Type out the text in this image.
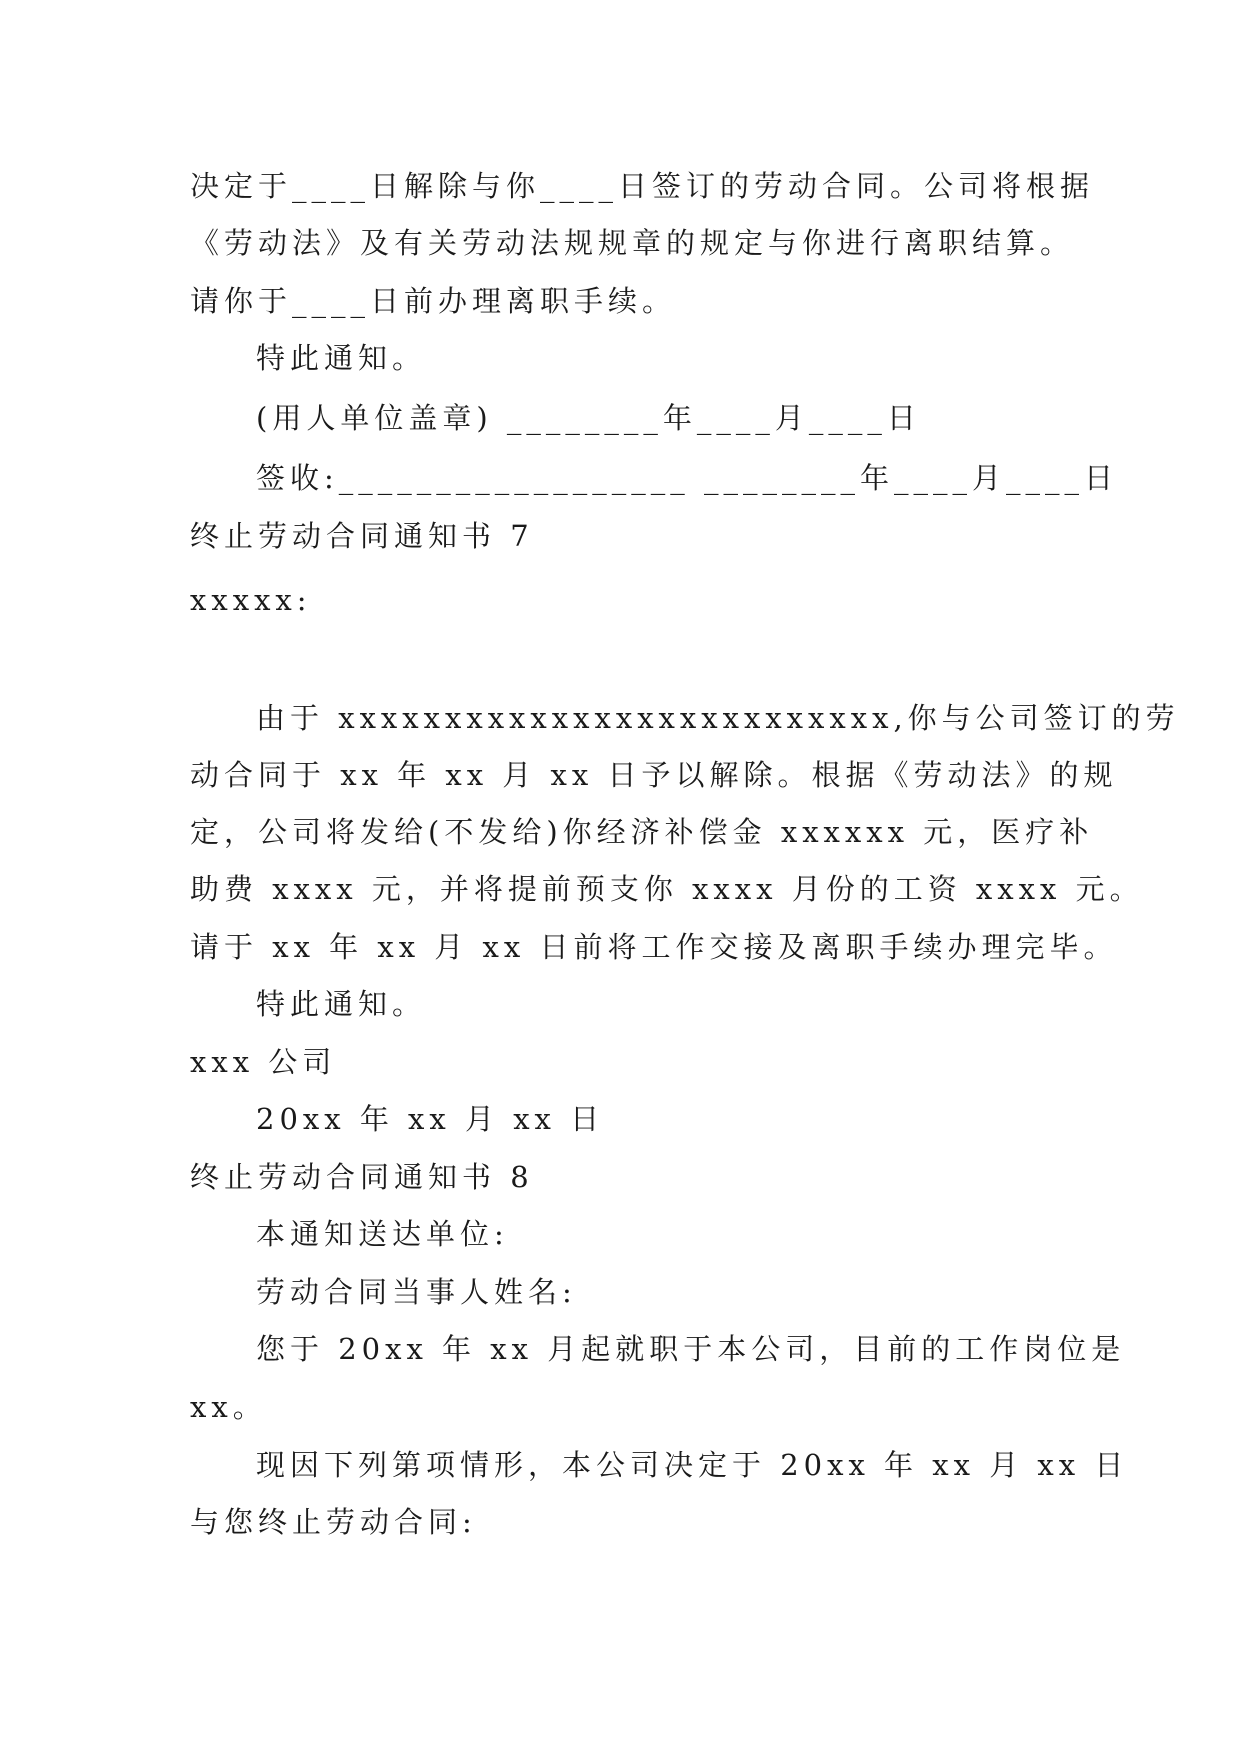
决定于____日解除与你____日签订的劳动合同。公司将根据
《劳动法》及有关劳动法规规章的规定与你进行离职结算。
请你于____日前办理离职手续。
特此通知。
(用人单位盖章) ________年____月____日
签收:__________________ ________年____月____日
终止劳动合同通知书 7
xxxxx:
由于 xxxxxxxxxxxxxxxxxxxxxxxxxx,你与公司签订的劳
动合同于 xx 年 xx 月 xx 日予以解除。根据《劳动法》的规
定，公司将发给(不发给)你经济补偿金 xxxxxx 元，医疗补
助费 xxxx 元，并将提前预支你 xxxx 月份的工资 xxxx 元。
请于 xx 年 xx 月 xx 日前将工作交接及离职手续办理完毕。
特此通知。
xxx 公司
20xx 年 xx 月 xx 日
终止劳动合同通知书 8
本通知送达单位:
劳动合同当事人姓名:
您于 20xx 年 xx 月起就职于本公司，目前的工作岗位是
xx。
现因下列第项情形，本公司决定于 20xx 年 xx 月 xx 日
与您终止劳动合同:
